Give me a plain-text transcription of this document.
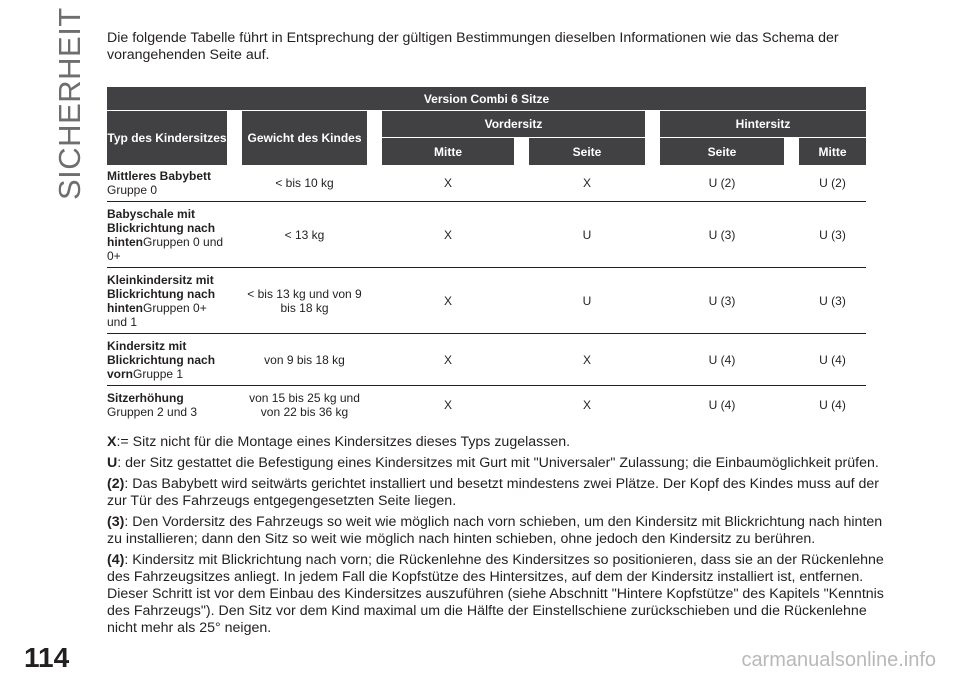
SICHERHEIT
114	carmanualsonline.info
Die folgende Tabelle führt in Entsprechung der gültigen Bestimmungen dieselben Informationen wie das Schema der vorangehenden Seite auf.
Version Combi 6 Sitze										
Typ des Kindersitzes		Gewicht des Kindes		Vordersitz				Hintersitz		
				Mitte		Seite		Seite		Mitte
Mittleres Babybett
Gruppe 0		< bis 10 kg		X		X		U (2)		U (2)
Babyschale mit Blickrichtung nach hintenGruppen 0 und 0+		< 13 kg		X		U		U (3)		U (3)
Kleinkindersitz mit Blickrichtung nach hintenGruppen 0+ und 1		< bis 13 kg und von 9 bis 18 kg		X		U		U (3)		U (3)
Kindersitz mit Blickrichtung nach vornGruppe 1		von 9 bis 18 kg		X		X		U (4)		U (4)
Sitzerhöhung
Gruppen 2 und 3		von 15 bis 25 kg und von 22 bis 36 kg		X		X		U (4)		U (4)

X:= Sitz nicht für die Montage eines Kindersitzes dieses Typs zugelassen.

U: der Sitz gestattet die Befestigung eines Kindersitzes mit Gurt mit "Universaler" Zulassung; die Einbaumöglichkeit prüfen.

(2): Das Babybett wird seitwärts gerichtet installiert und besetzt mindestens zwei Plätze. Der Kopf des Kindes muss auf der zur Tür des Fahrzeugs entgegengesetzten Seite liegen.

(3): Den Vordersitz des Fahrzeugs so weit wie möglich nach vorn schieben, um den Kindersitz mit Blickrichtung nach hinten zu installieren; dann den Sitz so weit wie möglich nach hinten schieben, ohne jedoch den Kindersitz zu berühren.

(4): Kindersitz mit Blickrichtung nach vorn; die Rückenlehne des Kindersitzes so positionieren, dass sie an der Rückenlehne des Fahrzeugsitzes anliegt. In jedem Fall die Kopfstütze des Hintersitzes, auf dem der Kindersitz installiert ist, entfernen. Dieser Schritt ist vor dem Einbau des Kindersitzes auszuführen (siehe Abschnitt "Hintere Kopfstütze" des Kapitels "Kenntnis des Fahrzeugs"). Den Sitz vor dem Kind maximal um die Hälfte der Einstellschiene zurückschieben und die Rückenlehne nicht mehr als 25° neigen.
